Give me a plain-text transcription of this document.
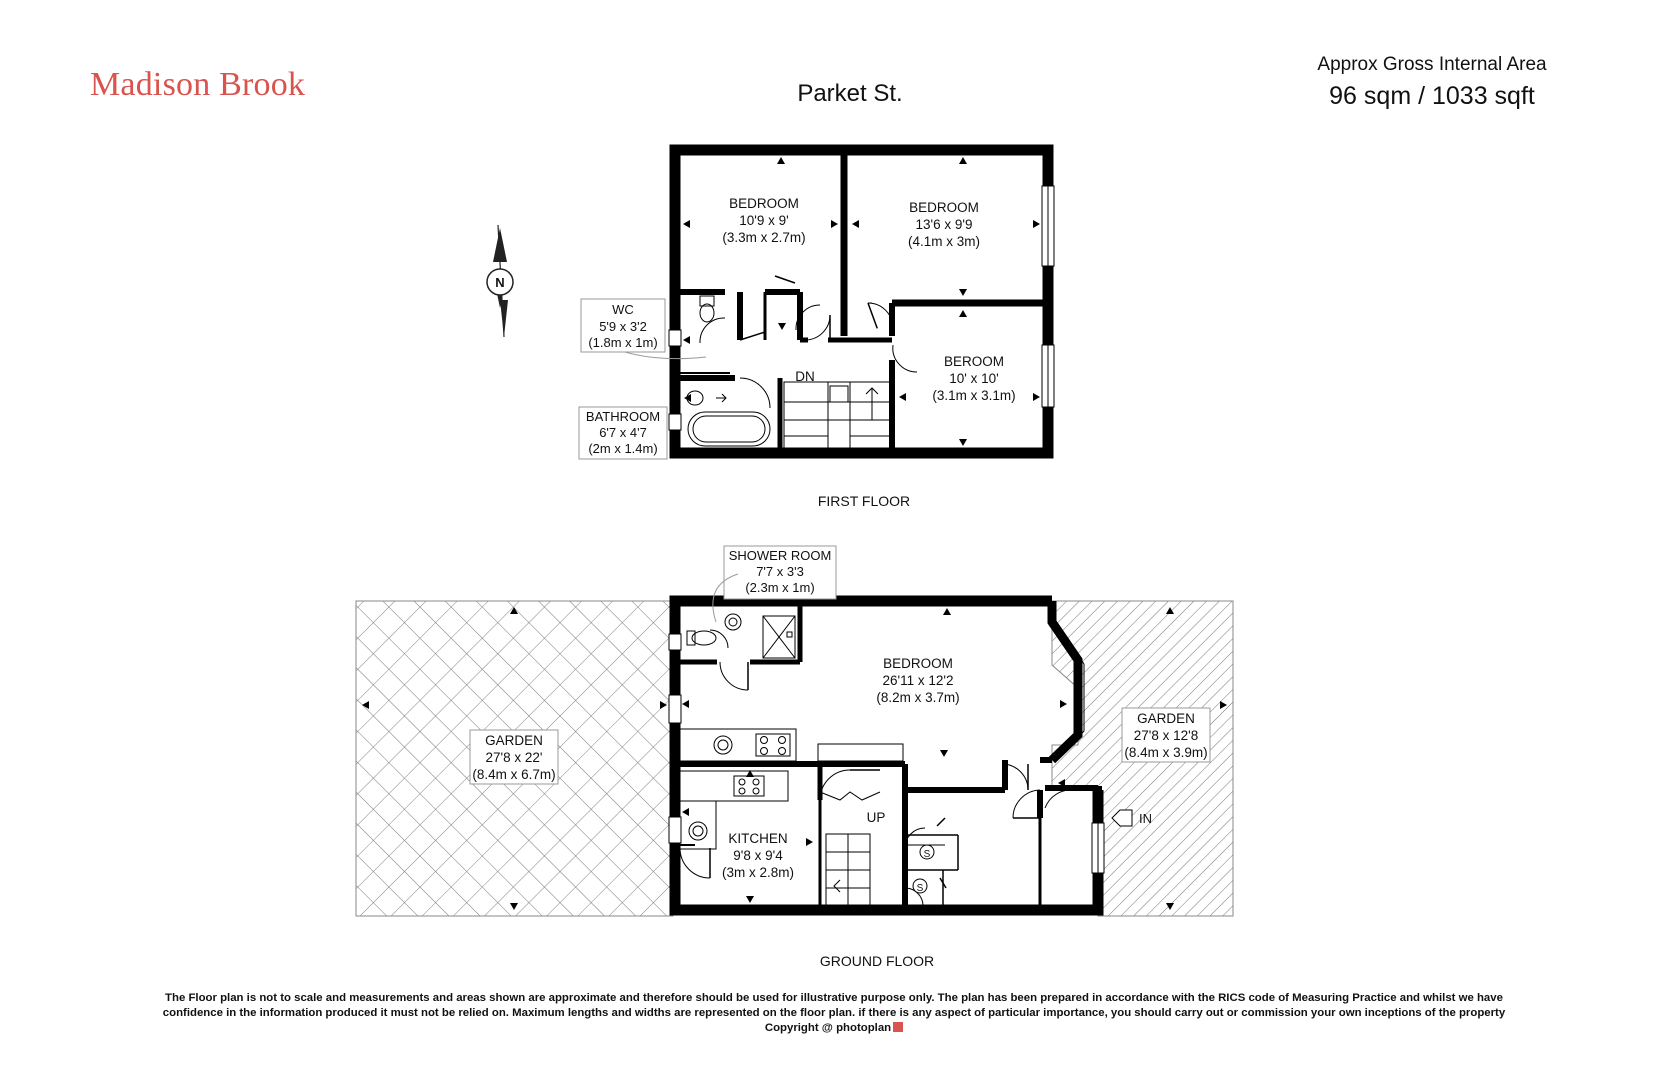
Madison Brook	Parket St.
Approx Gross Internal Area
96 sqm / 1033 sqft
N
BEDROOM
10'9 x 9'
(3.3m x 2.7m)
BEDROOM
13'6 x 9'9
(4.1m x 3m)
BEROOM
10' x 10'
(3.1m x 3.1m)
DN
WC
5'9 x 3'2
(1.8m x 1m)
BATHROOM
6'7 x 4'7
(2m x 1.4m)
S
S
IN
BEDROOM
26'11 x 12'2
(8.2m x 3.7m)
KITCHEN
9'8 x 9'4
(3m x 2.8m)
UP
GARDEN
27'8 x 22'
(8.4m x 6.7m)
GARDEN
27'8 x 12'8
(8.4m x 3.9m)
SHOWER ROOM
7'7 x 3'3
(2.3m x 1m)
FIRST FLOOR
GROUND FLOOR
The Floor plan is not to scale and measurements and areas shown are approximate and therefore should be used for illustrative purpose only. The plan has been prepared in accordance with the RICS code of Measuring Practice and whilst we have
confidence in the information produced it must not be relied on. Maximum lengths and widths are represented on the floor plan. if there is any aspect of particular importance, you should carry out or commission your own inceptions of the property
Copyright @ photoplan
